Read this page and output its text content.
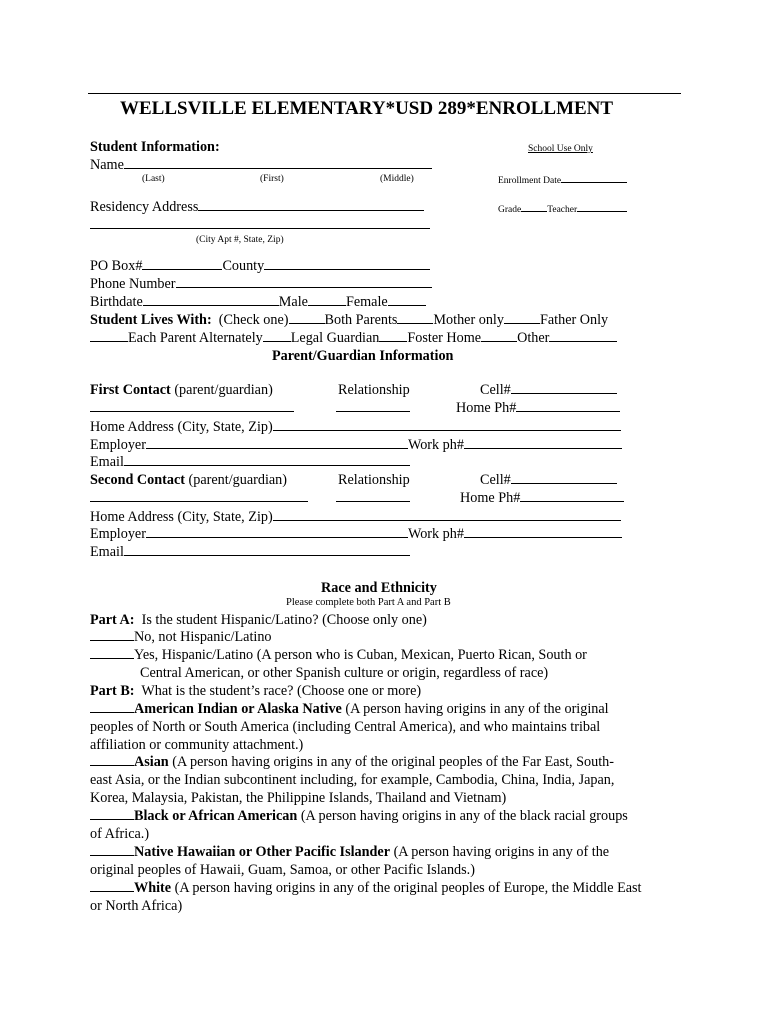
WELLSVILLE ELEMENTARY*USD 289*ENROLLMENT
Student Information:
Name
(Last)	(First)	(Middle)
School Use Only
Enrollment Date
Grade	Teacher
Residency Address
(City Apt #, State, Zip)
PO Box#	County
Phone Number
Birthdate	Male	Female
Student Lives With: (Check one)	Both Parents	Mother only	Father Only
Each Parent Alternately Legal Guardian Foster Home	Other
Parent/Guardian Information
First Contact (parent/guardian)	Relationship	Cell#
Home Ph#
Home Address (City, State, Zip)
Employer	Work ph#
Email
Second Contact (parent/guardian)	Relationship	Cell#
Home Ph#
Home Address (City, State, Zip)
Employer	Work ph#
Email
Race and Ethnicity
Please complete both Part A and Part B
Part A: Is the student Hispanic/Latino? (Choose only one)
No, not Hispanic/Latino
Yes, Hispanic/Latino (A person who is Cuban, Mexican, Puerto Rican, South or
Central American, or other Spanish culture or origin, regardless of race)
Part B: What is the student’s race? (Choose one or more)
American Indian or Alaska Native (A person having origins in any of the original
peoples of North or South America (including Central America), and who maintains tribal
affiliation or community attachment.)
Asian (A person having origins in any of the original peoples of the Far East, South-
east Asia, or the Indian subcontinent including, for example, Cambodia, China, India, Japan,
Korea, Malaysia, Pakistan, the Philippine Islands, Thailand and Vietnam)
Black or African American (A person having origins in any of the black racial groups
of Africa.)
Native Hawaiian or Other Pacific Islander (A person having origins in any of the
original peoples of Hawaii, Guam, Samoa, or other Pacific Islands.)
White (A person having origins in any of the original peoples of Europe, the Middle East
or North Africa)
